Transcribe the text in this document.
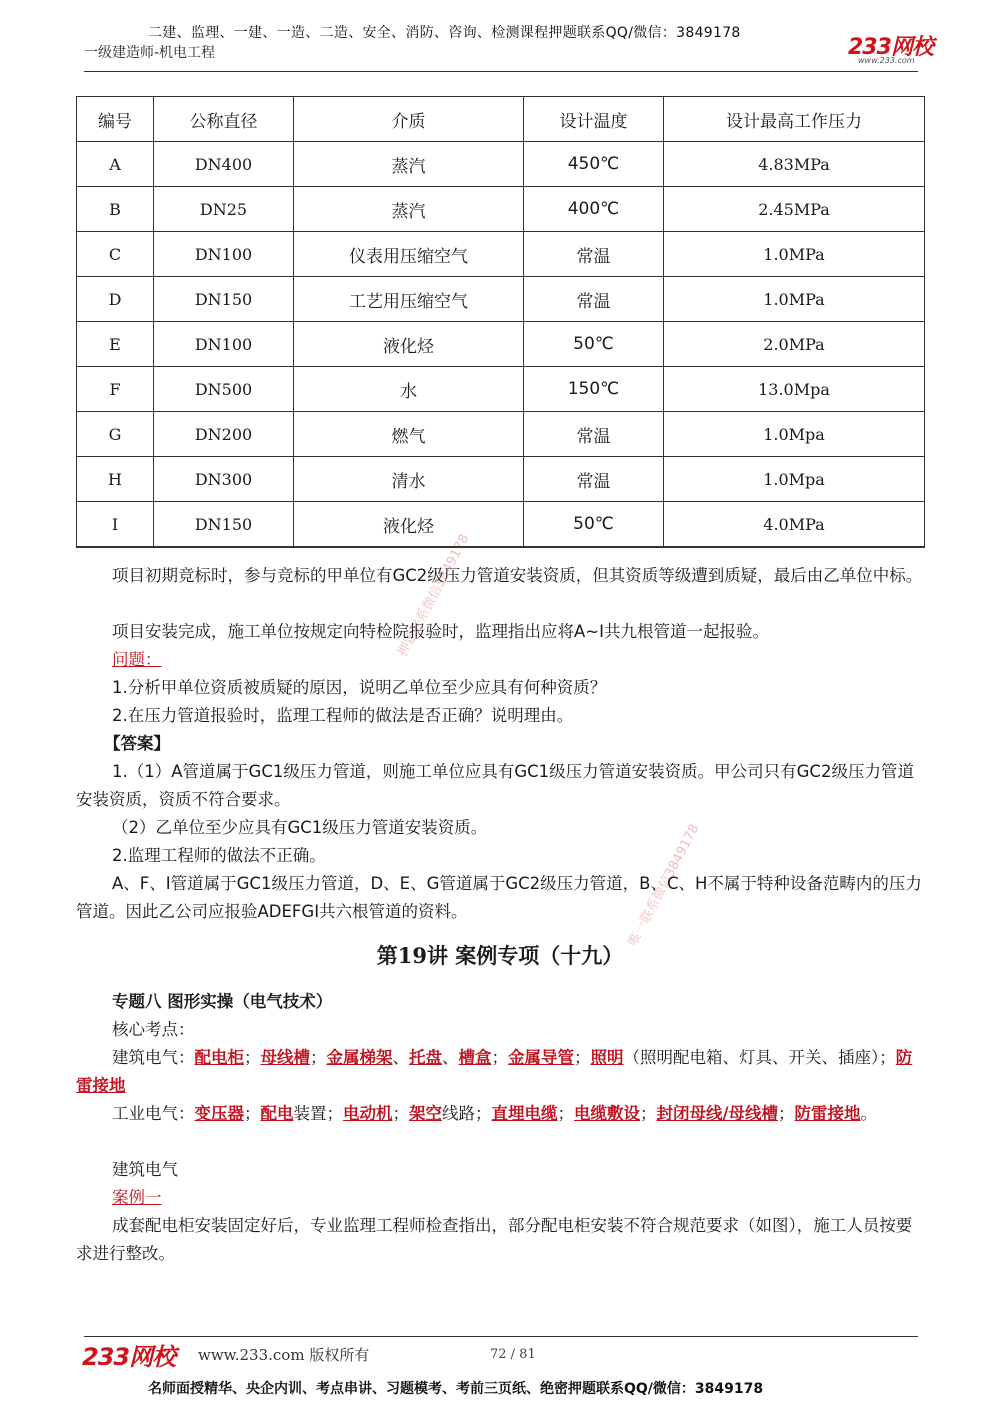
二建、监理、一建、一造、二造、安全、消防、咨询、检测课程押题联系QQ/微信：3849178
一级建造师-机电工程	233网校
www.233.com
编号	公称直径	介质	设计温度	设计最高工作压力
A	DN400	蒸汽	450℃	4.83MPa
B	DN25	蒸汽	400℃	2.45MPa
C	DN100	仪表用压缩空气	常温	1.0MPa
D	DN150	工艺用压缩空气	常温	1.0MPa
E	DN100	液化烃	50℃	2.0MPa
F	DN500	水	150℃	13.0Mpa
G	DN200	燃气	常温	1.0Mpa
H	DN300	清水	常温	1.0Mpa
I	DN150	液化烃	50℃	4.0MPa
项目初期竞标时，参与竞标的甲单位有GC2级压力管道安装资质，但其资质等级遭到质疑，最后由乙单位中标。
项目安装完成，施工单位按规定向特检院报验时，监理指出应将A~I共九根管道一起报验。
问题：
1.分析甲单位资质被质疑的原因，说明乙单位至少应具有何种资质？
2.在压力管道报验时，监理工程师的做法是否正确？说明理由。
【答案】
1.（1）A管道属于GC1级压力管道，则施工单位应具有GC1级压力管道安装资质。甲公司只有GC2级压力管道安装资质，资质不符合要求。
（2）乙单位至少应具有GC1级压力管道安装资质。
2.监理工程师的做法不正确。
A、F、I管道属于GC1级压力管道，D、E、G管道属于GC2级压力管道，B、C、H不属于特种设备范畴内的压力管道。因此乙公司应报验ADEFGI共六根管道的资料。
第19讲 案例专项（十九）
专题八 图形实操（电气技术）
核心考点：
建筑电气：配电柜；母线槽；金属梯架、托盘、槽盒；金属导管；照明（照明配电箱、灯具、开关、插座）；防雷接地
工业电气：变压器；配电装置；电动机；架空线路；直埋电缆；电缆敷设；封闭母线/母线槽；防雷接地。
建筑电气
案例一
成套配电柜安装固定好后，专业监理工程师检查指出，部分配电柜安装不符合规范要求（如图），施工人员按要求进行整改。
押题联系微信3849178
唯一联系微信3849178
233网校 www.233.com 版权所有	72 / 81
名师面授精华、央企内训、考点串讲、习题模考、考前三页纸、绝密押题联系QQ/微信：3849178
